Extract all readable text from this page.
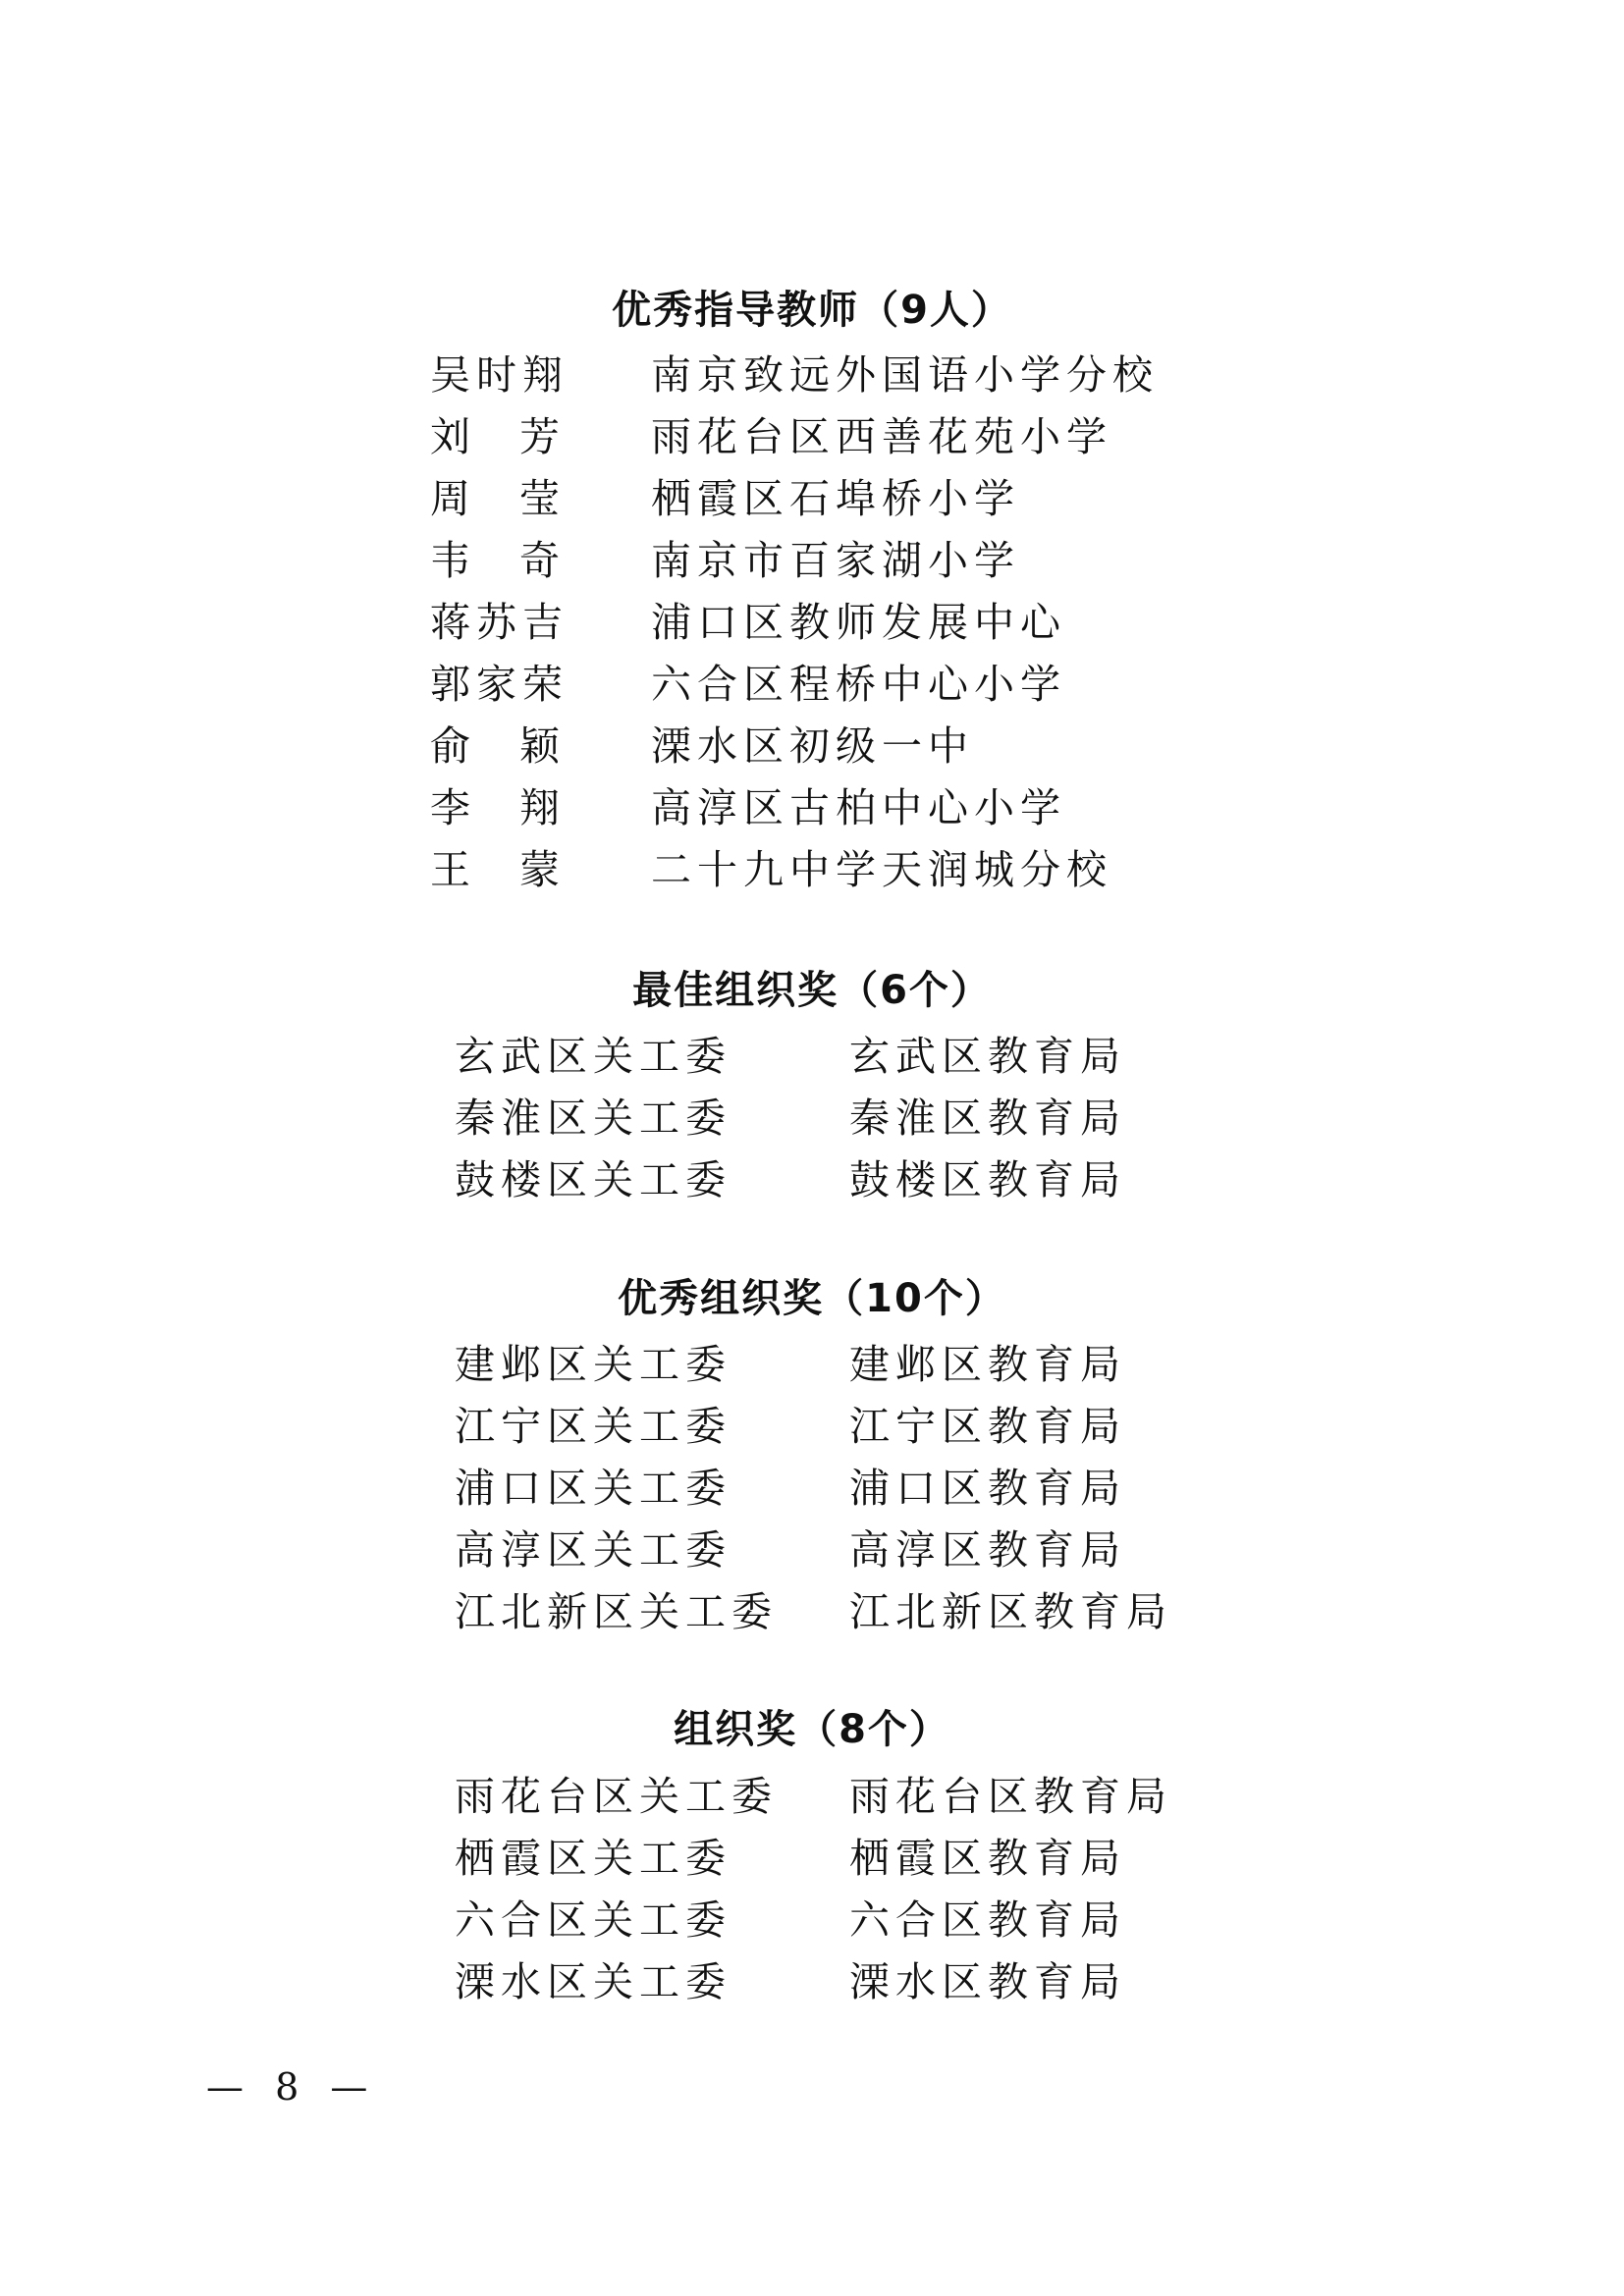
优秀指导教师（9人）
吴 时 翔 南京致远外国语小学分校
刘 芳 雨花台区西善花苑小学
周 莹 栖霞区石埠桥小学
韦 奇 南京市百家湖小学
蒋 苏 吉 浦口区教师发展中心
郭 家 荣 六合区程桥中心小学
俞 颖 溧水区初级一中
李 翔 高淳区古柏中心小学
王 蒙 二十九中学天润城分校
最佳组织奖（6个）
玄武区关工委	玄武区教育局
秦淮区关工委	秦淮区教育局
鼓楼区关工委	鼓楼区教育局
优秀组织奖（10个）
建邺区关工委	建邺区教育局
江宁区关工委	江宁区教育局
浦口区关工委	浦口区教育局
高淳区关工委	高淳区教育局
江北新区关工委 江北新区教育局
组织奖（8个）
雨花台区关工委 雨花台区教育局
栖霞区关工委	栖霞区教育局
六合区关工委	六合区教育局
溧水区关工委	溧水区教育局
— 8 —
